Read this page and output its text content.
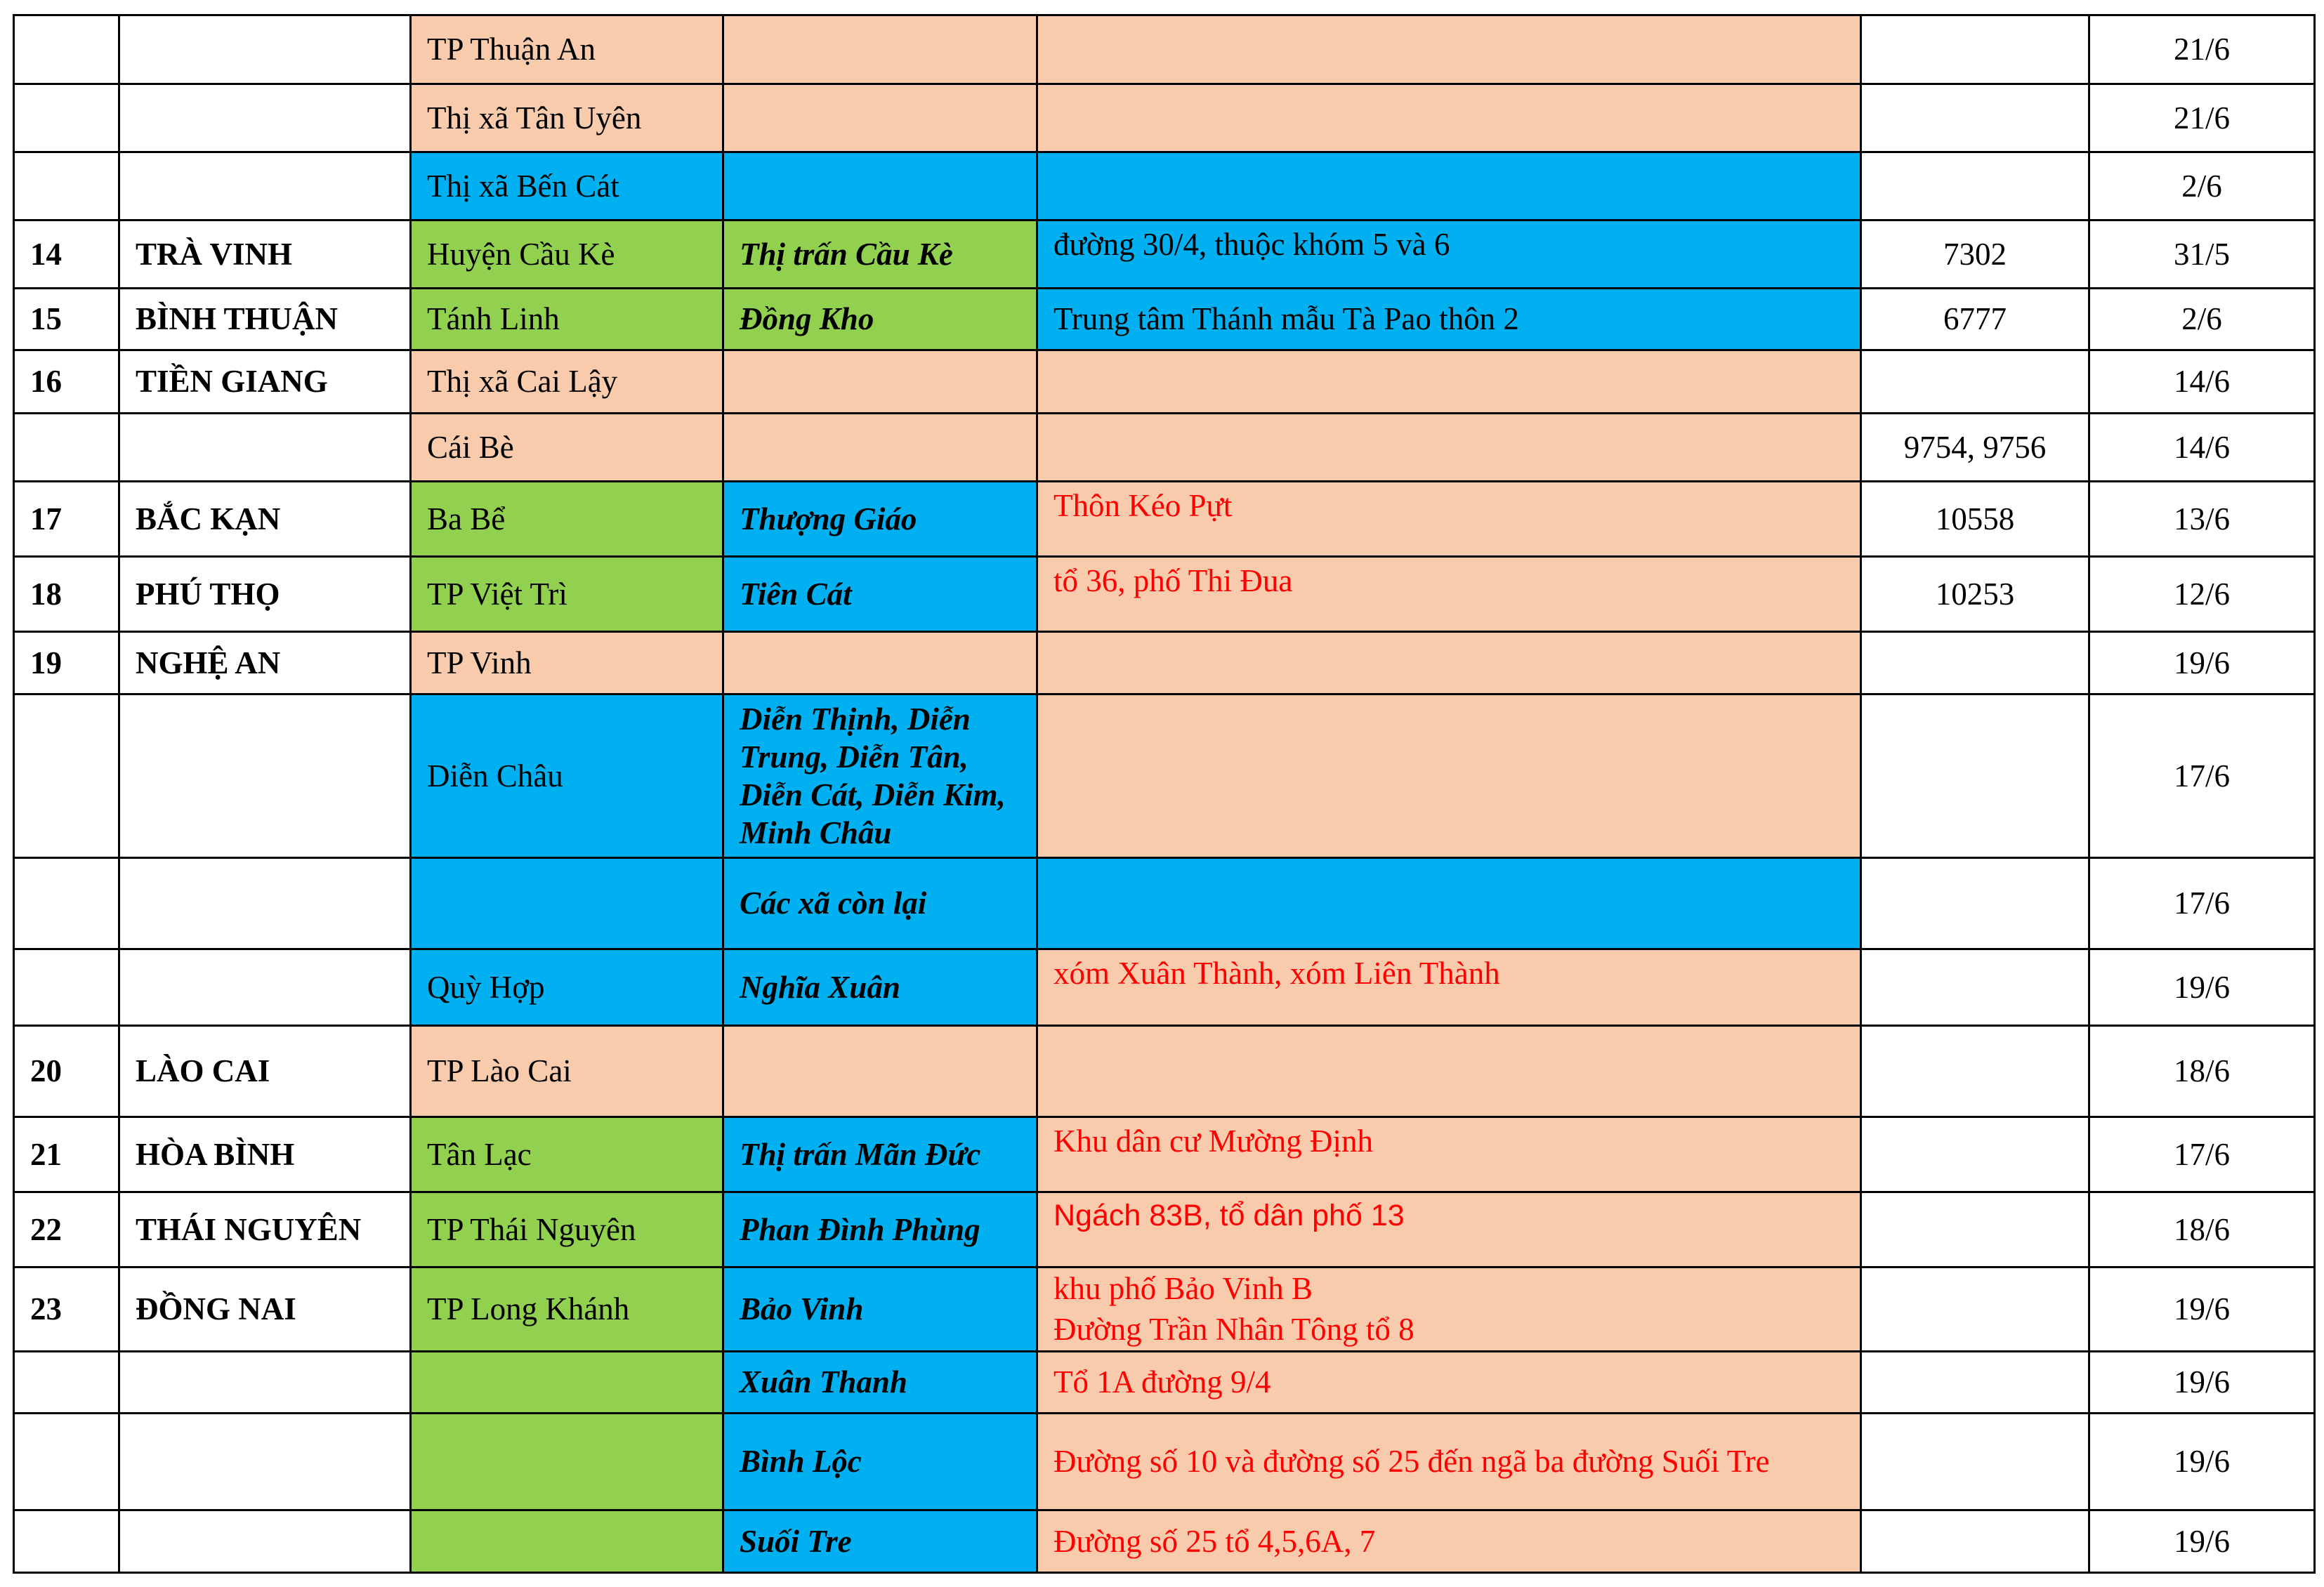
		TP Thuận An				21/6
		Thị xã Tân Uyên				21/6
		Thị xã Bến Cát				2/6
14	TRÀ VINH	Huyện Cầu Kè	Thị trấn Cầu Kè	đường 30/4, thuộc khóm 5 và 6	7302	31/5
15	BÌNH THUẬN	Tánh Linh	Đồng Kho	Trung tâm Thánh mẫu Tà Pao thôn 2	6777	2/6
16	TIỀN GIANG	Thị xã Cai Lậy				14/6
		Cái Bè			9754, 9756	14/6
17	BẮC KẠN	Ba Bể	Thượng Giáo	Thôn Kéo Pựt	10558	13/6
18	PHÚ THỌ	TP Việt Trì	Tiên Cát	tổ 36, phố Thi Đua	10253	12/6
19	NGHỆ AN	TP Vinh				19/6
		Diễn Châu	Diễn Thịnh, Diễn Trung, Diễn Tân, Diễn Cát, Diễn Kim, Minh Châu			17/6
			Các xã còn lại			17/6
		Quỳ Hợp	Nghĩa Xuân	xóm Xuân Thành, xóm Liên Thành		19/6
20	LÀO CAI	TP Lào Cai				18/6
21	HÒA BÌNH	Tân Lạc	Thị trấn Mãn Đức	Khu dân cư Mường Định		17/6
22	THÁI NGUYÊN	TP Thái Nguyên	Phan Đình Phùng	Ngách 83B, tổ dân phố 13		18/6
23	ĐỒNG NAI	TP Long Khánh	Bảo Vinh	khu phố Bảo Vinh B
Đường Trần Nhân Tông tổ 8		19/6
			Xuân Thanh	Tổ 1A đường 9/4		19/6
			Bình Lộc	Đường số 10 và đường số 25 đến ngã ba đường Suối Tre		19/6
			Suối Tre	Đường số 25 tổ 4,5,6A, 7		19/6
